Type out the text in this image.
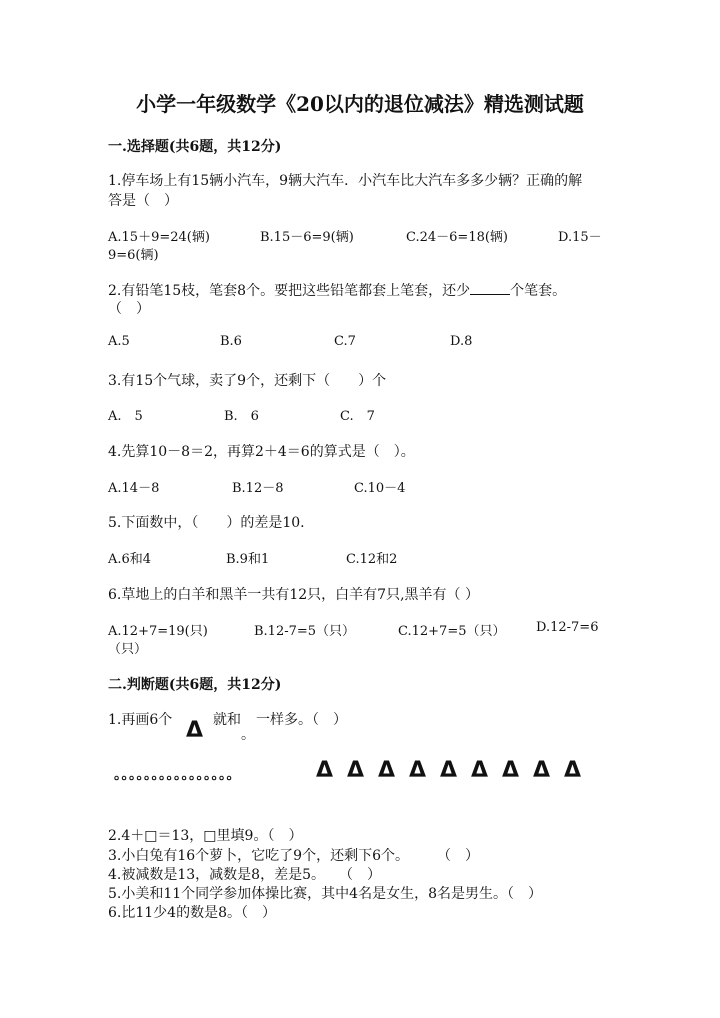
小学一年级数学《20以内的退位减法》精选测试题
一.选择题(共6题，共12分)
1.停车场上有15辆小汽车，9辆大汽车．小汽车比大汽车多多少辆？正确的解
答是（　）
A.15＋9=24(辆)	B.15－6=9(辆)	C.24－6=18(辆)	D.15－
9=6(辆)
2.有铅笔15枝，笔套8个。要把这些铅笔都套上笔套，还少	个笔套。
（　）
A.5	B.6	C.7	D.8
3.有15个气球，卖了9个，还剩下（　　）个
A.　5	B.　6	C.　7
4.先算10－8＝2，再算2＋4＝6的算式是（　）。
A.14－8	B.12－8	C.10－4
5.下面数中，（　　）的差是10.
A.6和4	B.9和1	C.12和2
6.草地上的白羊和黑羊一共有12只，白羊有7只,黑羊有（ ）
A.12+7=19(只)	B.12-7=5（只）	C.12+7=5（只） D.12-7=6
（只）
二.判断题(共6题，共12分)
1.再画6个 Δ 就和
。
一样多。（　）
。。。。。。。。。。。。。。。。	Δ Δ Δ Δ Δ Δ Δ Δ Δ
2.4＋□＝13，□里填9。（　）
3.小白兔有16个萝卜，它吃了9个，还剩下6个。　　　（　）
4.被减数是13，减数是8，差是5。　　（　）
5.小美和11个同学参加体操比赛，其中4名是女生，8名是男生。（　）
6.比11少4的数是8。（　）
